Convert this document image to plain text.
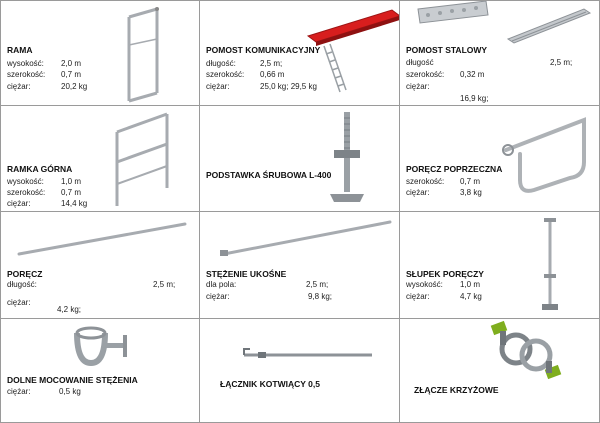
RAMA
wysokość: 2,0 m
szerokość: 0,7 m
ciężar:	20,2 kg
POMOST KOMUNIKACYJNY
długość:	2,5 m;
szerokość: 0,66 m
ciężar:	25,0 kg; 29,5 kg
POMOST STALOWY
długość	2,5 m;
szerokość: 0,32 m
ciężar:
16,9 kg;
RAMKA GÓRNA
wysokość: 1,0 m
szerokość: 0,7 m
ciężar:	14,4 kg
PODSTAWKA ŚRUBOWA L-400
PORĘCZ POPRZECZNA
szerokość: 0,7 m
ciężar:	3,8 kg
PORĘCZ
długość:	2,5 m;
ciężar:
4,2 kg;
STĘŻENIE UKOŚNE
dla pola:	2,5 m;
ciężar:	9,8 kg;
SŁUPEK PORĘCZY
wysokość: 1,0 m
ciężar:	4,7 kg
DOLNE MOCOWANIE STĘŻENIA
ciężar:	0,5 kg
ŁĄCZNIK KOTWIĄCY 0,5
ZŁĄCZE KRZYŻOWE
